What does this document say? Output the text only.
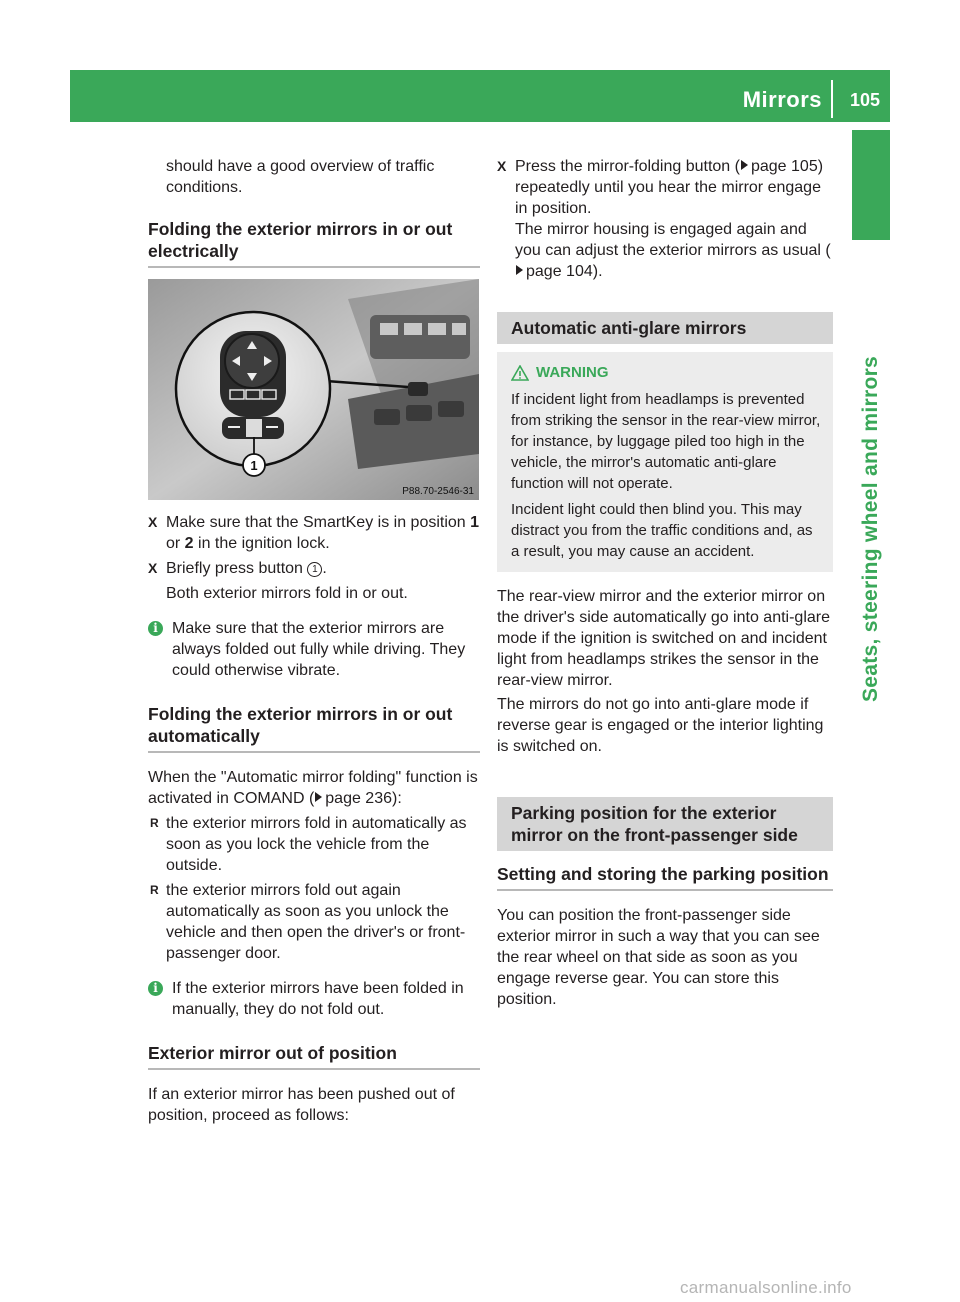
Mirrors 105
Seats, steering wheel and mirrors

should have a good overview of traffic

conditions.

Folding the exterior mirrors in or out electrically
1
P88.70-2546-31
X Make sure that the SmartKey is in position 1 or 2 in the ignition lock.
X Briefly press button 1 .

Both exterior mirrors fold in or out.

i Make sure that the exterior mirrors are always folded out fully while driving. They could otherwise vibrate.
Folding the exterior mirrors in or out automatically

When the "Automatic mirror folding" function is activated in COMAND ( page 236):

R the exterior mirrors fold in automatically as soon as you lock the vehicle from the outside.
R the exterior mirrors fold out again automatically as soon as you unlock the vehicle and then open the driver's or front-passenger door.
i If the exterior mirrors have been folded in manually, they do not fold out.
Exterior mirror out of position

If an exterior mirror has been pushed out of position, proceed as follows:

X Press the mirror-folding button ( page 105) repeatedly until you hear the mirror engage in position.

The mirror housing is engaged again and you can adjust the exterior mirrors as usual (page 104).

Automatic anti-glare mirrors
WARNING

If incident light from headlamps is prevented from striking the sensor in the rear-view mirror, for instance, by luggage piled too high in the vehicle, the mirror's automatic anti-glare function will not operate.

Incident light could then blind you. This may distract you from the traffic conditions and, as a result, you may cause an accident.

The rear-view mirror and the exterior mirror on the driver's side automatically go into anti-glare mode if the ignition is switched on and incident light from headlamps strikes the sensor in the rear-view mirror.

The mirrors do not go into anti-glare mode if reverse gear is engaged or the interior lighting is switched on.

Parking position for the exterior mirror on the front-passenger side
Setting and storing the parking position

You can position the front-passenger side exterior mirror in such a way that you can see the rear wheel on that side as soon as you engage reverse gear. You can store this position.

carmanualsonline.info
